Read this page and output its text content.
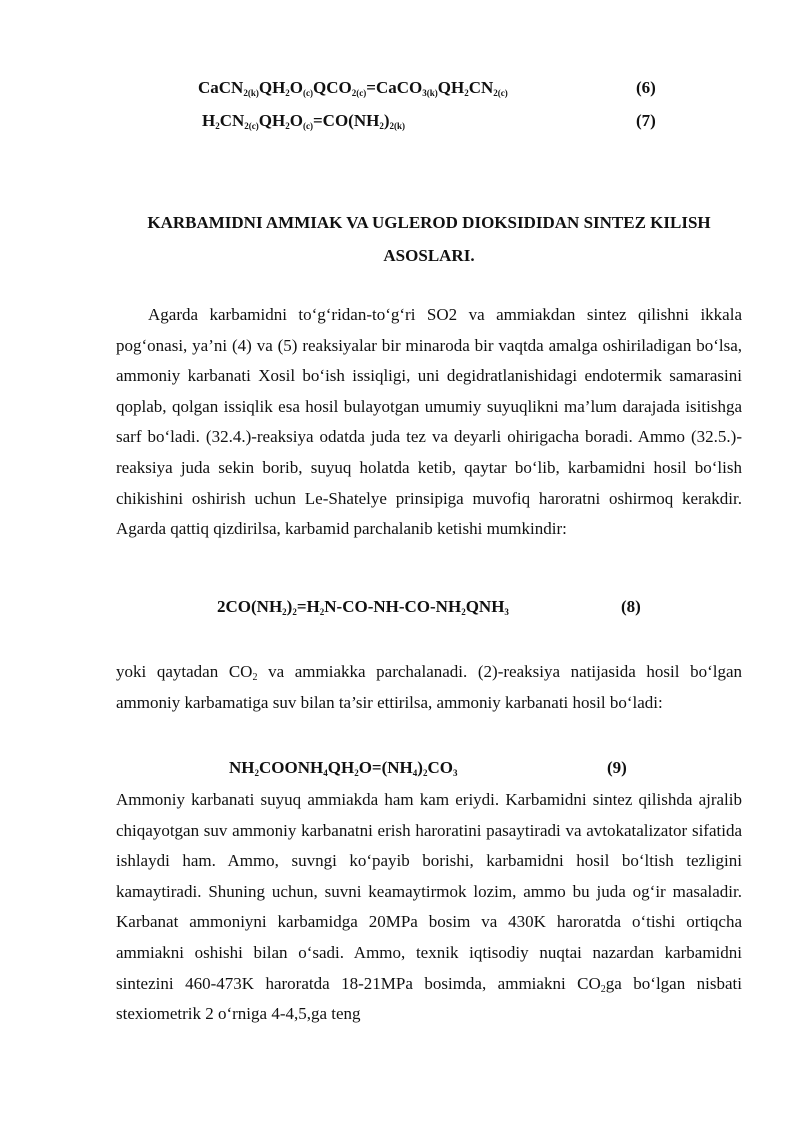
$CaCN_{2(k)}QH_2O_{(c)}QCO_{2(c)}=CaCO_{3(k)}QH_2CN_{2(c)}$	(6)
$H_2CN_{2(c)}QH_2O_{(c)}=CO(NH_2)_{2(k)}$	(7)
KARBAMIDNI AMMIAK VA UGLEROD DIOKSIDIDAN SINTEZ KILISH ASOSLARI.

Agarda karbamidni to‘g‘ridan-to‘g‘ri SO2 va ammiakdan sintez qilishni ikkala pog‘onasi, ya’ni (4) va (5) reaksiyalar bir minaroda bir vaqtda amalga oshiriladigan bo‘lsa, ammoniy karbanati Xosil bo‘ish issiqligi, uni degidratlanishidagi endotermik samarasini qoplab, qolgan issiqlik esa hosil bulayotgan umumiy suyuqlikni ma’lum darajada isitishga sarf bo‘ladi. (32.4.)-reaksiya odatda juda tez va deyarli ohirigacha boradi. Ammo (32.5.)-reaksiya juda sekin borib, suyuq holatda ketib, qaytar bo‘lib, karbamidni hosil bo‘lish chikishini oshirish uchun Le-Shatelye prinsipiga muvofiq haroratni oshirmoq kerakdir. Agarda qattiq qizdirilsa, karbamid parchalanib ketishi mumkindir:

$2CO(NH_2)_2=H_2N-CO-NH-CO-NH_2QNH_3$	(8)

yoki qaytadan $CO_2$ va ammiakka parchalanadi. (2)-reaksiya natijasida hosil bo‘lgan ammoniy karbamatiga suv bilan ta’sir ettirilsa, ammoniy karbanati hosil bo‘ladi:

$NH_2COONH_4QH_2O=(NH_4)_2CO_3$	(9)

Ammoniy karbanati suyuq ammiakda ham kam eriydi. Karbamidni sintez qilishda ajralib chiqayotgan suv ammoniy karbanatni erish haroratini pasaytiradi va avtokatalizator sifatida ishlaydi ham. Ammo, suvngi ko‘payib borishi, karbamidni hosil bo‘ltish tezligini kamaytiradi. Shuning uchun, suvni keamaytirmok lozim, ammo bu juda og‘ir masaladir. Karbanat ammoniyni karbamidga 20MPa bosim va 430K haroratda o‘tishi ortiqcha ammiakni oshishi bilan o‘sadi. Ammo, texnik iqtisodiy nuqtai nazardan karbamidni sintezini 460-473K haroratda 18-21MPa bosimda, ammiakni $CO_2ga$ bo‘lgan nisbati stexiometrik 2 o‘rniga 4-4,5,ga teng
